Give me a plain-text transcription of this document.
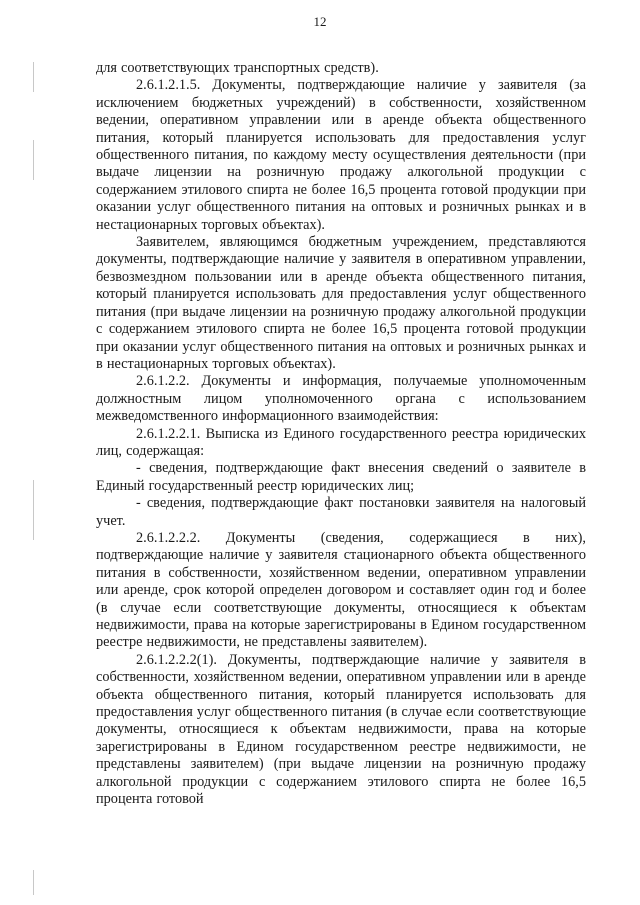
12

для соответствующих транспортных средств).

2.6.1.2.1.5. Документы, подтверждающие наличие у заявителя (за исключением бюджетных учреждений) в собственности, хозяйственном ведении, оперативном управлении или в аренде объекта общественного питания, который планируется использовать для предоставления услуг общественного питания, по каждому месту осуществления деятельности (при выдаче лицензии на розничную продажу алкогольной продукции с содержанием этилового спирта не более 16,5 процента готовой продукции при оказании услуг общественного питания на оптовых и розничных рынках и в нестационарных торговых объектах).

Заявителем, являющимся бюджетным учреждением, представляются документы, подтверждающие наличие у заявителя в оперативном управлении, безвозмездном пользовании или в аренде объекта общественного питания, который планируется использовать для предоставления услуг общественного питания (при выдаче лицензии на розничную продажу алкогольной продукции с содержанием этилового спирта не более 16,5 процента готовой продукции при оказании услуг общественного питания на оптовых и розничных рынках и в нестационарных торговых объектах).

2.6.1.2.2. Документы и информация, получаемые уполномоченным должностным лицом уполномоченного органа с использованием межведомственного информационного взаимодействия:

2.6.1.2.2.1. Выписка из Единого государственного реестра юридических лиц, содержащая:

- сведения, подтверждающие факт внесения сведений о заявителе в Единый государственный реестр юридических лиц;

- сведения, подтверждающие факт постановки заявителя на налоговый учет.

2.6.1.2.2.2. Документы (сведения, содержащиеся в них), подтверждающие наличие у заявителя стационарного объекта общественного питания в собственности, хозяйственном ведении, оперативном управлении или аренде, срок которой определен договором и составляет один год и более (в случае если соответствующие документы, относящиеся к объектам недвижимости, права на которые зарегистрированы в Едином государственном реестре недвижимости, не представлены заявителем).

2.6.1.2.2.2(1). Документы, подтверждающие наличие у заявителя в собственности, хозяйственном ведении, оперативном управлении или в аренде объекта общественного питания, который планируется использовать для предоставления услуг общественного питания (в случае если соответствующие документы, относящиеся к объектам недвижимости, права на которые зарегистрированы в Едином государственном реестре недвижимости, не представлены заявителем) (при выдаче лицензии на розничную продажу алкогольной продукции с содержанием этилового спирта не более 16,5 процента готовой
